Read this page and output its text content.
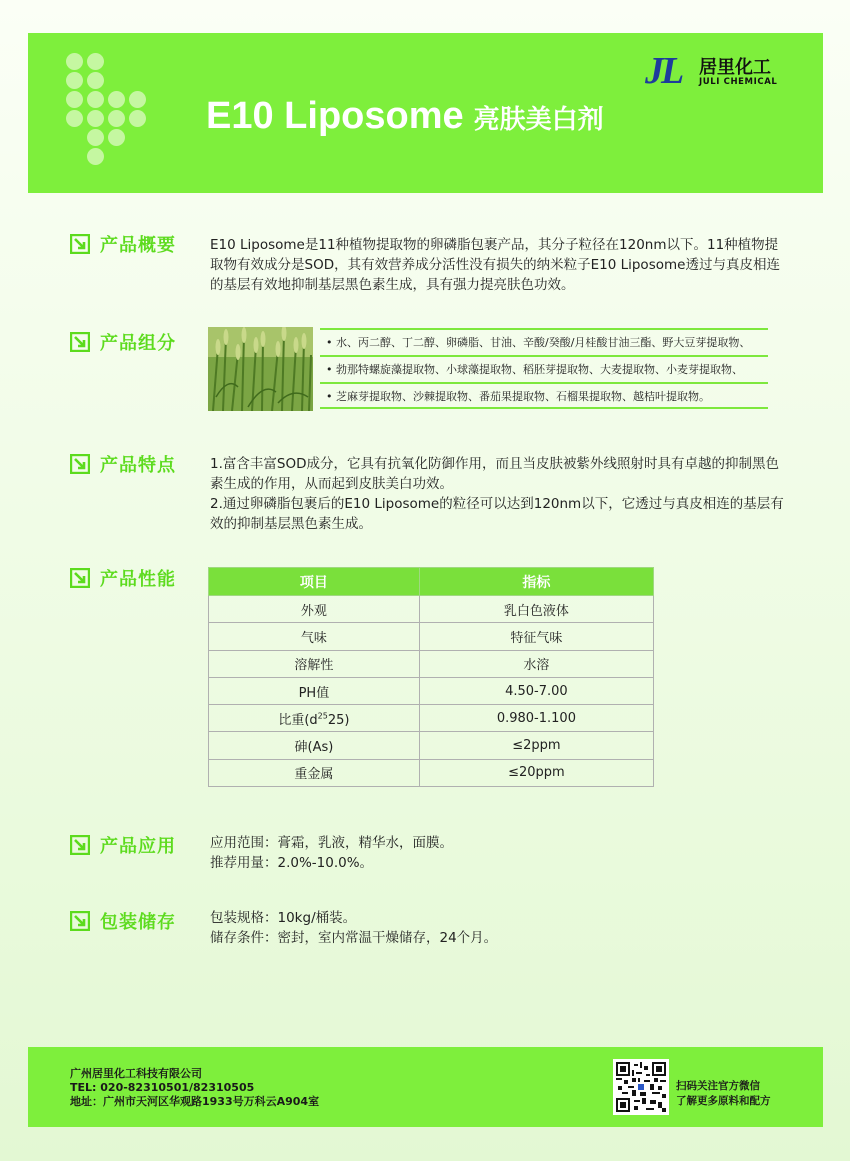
E10 Liposome 亮肤美白剂
JL 居里化工
JULI CHEMICAL
产品概要	E10 Liposome是11种植物提取物的卵磷脂包裹产品，其分子粒径在120nm以下。11种植物提取物有效成分是SOD，其有效营养成分活性没有损失的纳米粒子E10 Liposome透过与真皮相连的基层有效地抑制基层黑色素生成，具有强力提亮肤色功效。

产品组分	• 水、丙二醇、丁二醇、卵磷脂、甘油、辛酸/癸酸/月桂酸甘油三酯、野大豆芽提取物、
• 勃那特螺旋藻提取物、小球藻提取物、稻胚芽提取物、大麦提取物、小麦芽提取物、
• 芝麻芽提取物、沙棘提取物、番茄果提取物、石榴果提取物、越桔叶提取物。
产品特点	1.富含丰富SOD成分，它具有抗氧化防御作用，而且当皮肤被紫外线照射时具有卓越的抑制黑色素生成的作用，从而起到皮肤美白功效。

2.通过卵磷脂包裹后的E10 Liposome的粒径可以达到120nm以下，它透过与真皮相连的基层有效的抑制基层黑色素生成。

产品性能	项目	指标
外观	乳白色液体
气味	特征气味
溶解性	水溶
PH值	4.50-7.00
比重$(d^{25}25)$	0.980-1.100
砷(As)	≤2ppm
重金属	≤20ppm
产品应用	应用范围：膏霜，乳液，精华水，面膜。

推荐用量：2.0%-10.0%。

包装储存	包装规格：10kg/桶装。

储存条件：密封，室内常温干燥储存，24个月。

广州居里化工科技有限公司
TEL: 020-82310501/82310505
地址：广州市天河区华观路1933号万科云A904室
扫码关注官方微信
了解更多原料和配方
